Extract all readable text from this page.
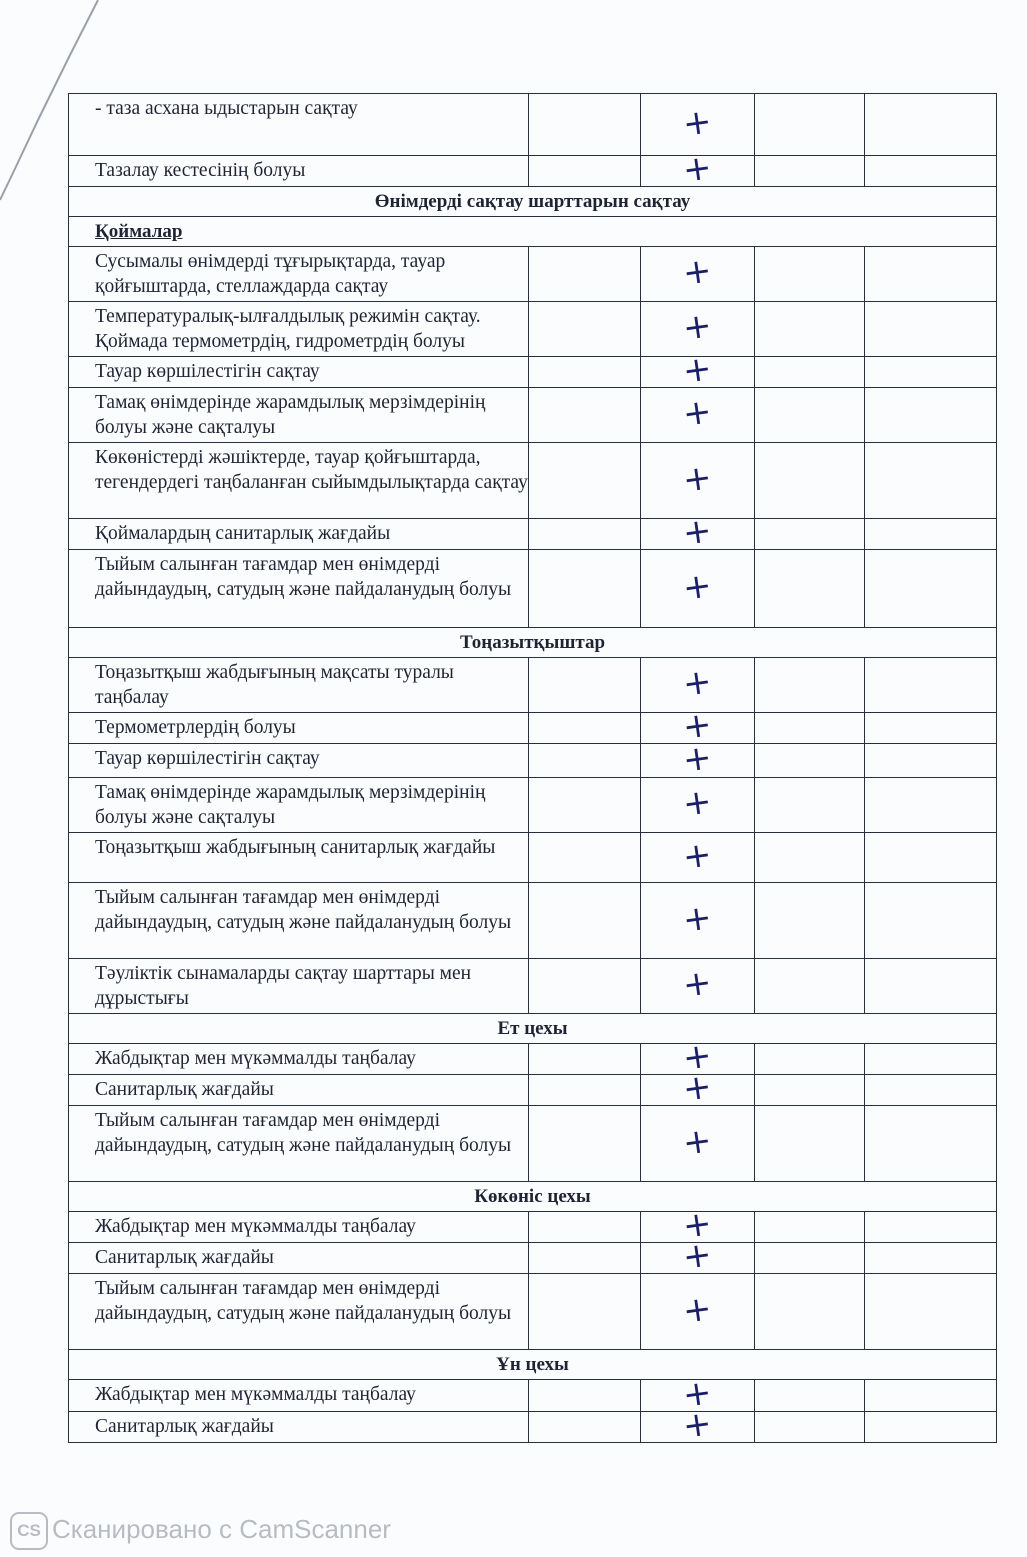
- таза асхана ыдыстарын сақтау		+		
Тазалау кестесінің болуы		+		
Өнімдерді сақтау шарттарын сақтау				
Қоймалар				
Сусымалы өнімдерді тұғырықтарда, тауар қойғыштарда, стеллаждарда сақтау		+		
Температуралық-ылғалдылық режимін сақтау. Қоймада термометрдің, гидрометрдің болуы		+		
Тауар көршілестігін сақтау		+		
Тамақ өнімдерінде жарамдылық мерзімдерінің болуы және сақталуы		+		
Көкөністерді жәшіктерде, тауар қойғыштарда, тегендердегі таңбаланған сыйымдылықтарда сақтау		+		
Қоймалардың санитарлық жағдайы		+		
Тыйым салынған тағамдар мен өнімдерді дайындаудың, сатудың және пайдаланудың болуы		+		
Тоңазытқыштар				
Тоңазытқыш жабдығының мақсаты туралы таңбалау		+		
Термометрлердің болуы		+		
Тауар көршілестігін сақтау		+		
Тамақ өнімдерінде жарамдылық мерзімдерінің болуы және сақталуы		+		
Тоңазытқыш жабдығының санитарлық жағдайы		+		
Тыйым салынған тағамдар мен өнімдерді дайындаудың, сатудың және пайдаланудың болуы		+		
Тәуліктік сынамаларды сақтау шарттары мен дұрыстығы		+		
Ет цехы				
Жабдықтар мен мүкәммалды таңбалау		+		
Санитарлық жағдайы		+		
Тыйым салынған тағамдар мен өнімдерді дайындаудың, сатудың және пайдаланудың болуы		+		
Көкөніс цехы				
Жабдықтар мен мүкәммалды таңбалау		+		
Санитарлық жағдайы		+		
Тыйым салынған тағамдар мен өнімдерді дайындаудың, сатудың және пайдаланудың болуы		+		
Ұн цехы				
Жабдықтар мен мүкәммалды таңбалау		+		
Санитарлық жағдайы		+		
CS Сканировано с CamScanner
